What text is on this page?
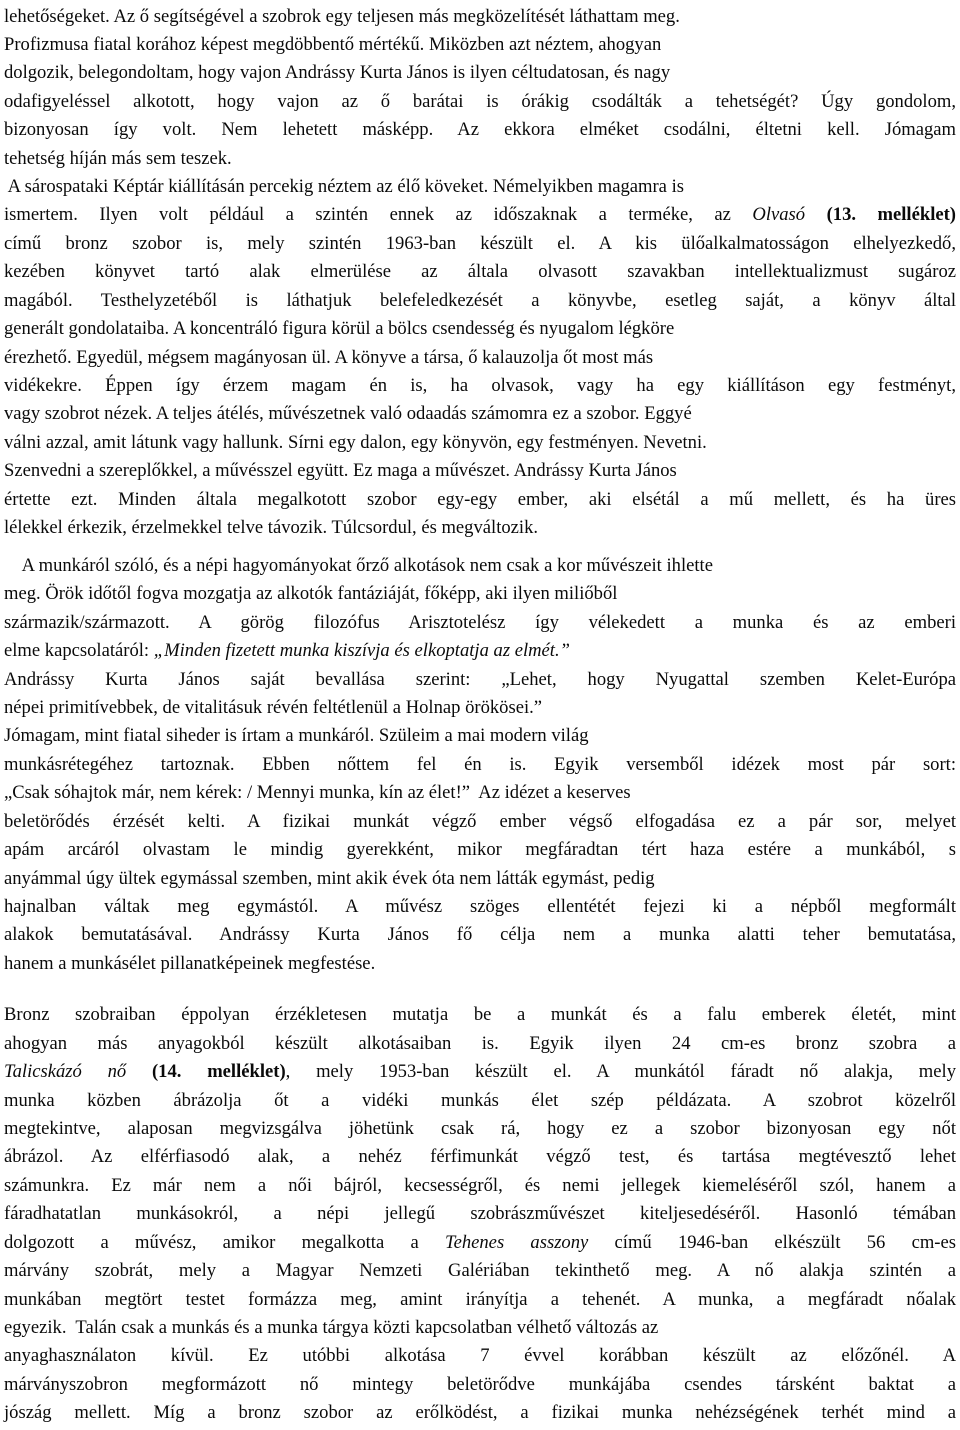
lehetőségeket. Az ő segítségével a szobrok egy teljesen más megközelítését láthattam meg.
Profizmusa fiatal korához képest megdöbbentő mértékű. Miközben azt néztem, ahogyan
dolgozik, belegondoltam, hogy vajon Andrássy Kurta János is ilyen céltudatosan, és nagy
odafigyeléssel alkotott, hogy vajon az ő barátai is órákig csodálták a tehetségét? Úgy gondolom,
bizonyosan így volt. Nem lehetett másképp. Az ekkora elméket csodálni, éltetni kell. Jómagam
tehetség híján más sem teszek.
A sárospataki Képtár kiállításán percekig néztem az élő köveket. Némelyikben magamra is
ismertem. Ilyen volt például a szintén ennek az időszaknak a terméke, az Olvasó (13. melléklet)
című bronz szobor is, mely szintén 1963-ban készült el. A kis ülőalkalmatosságon elhelyezkedő,
kezében könyvet tartó alak elmerülése az általa olvasott szavakban intellektualizmust sugároz
magából. Testhelyzetéből is láthatjuk belefeledkezését a könyvbe, esetleg saját, a könyv által
generált gondolataiba. A koncentráló figura körül a bölcs csendesség és nyugalom légköre
érezhető. Egyedül, mégsem magányosan ül. A könyve a társa, ő kalauzolja őt most más
vidékekre. Éppen így érzem magam én is, ha olvasok, vagy ha egy kiállításon egy festményt,
vagy szobrot nézek. A teljes átélés, művészetnek való odaadás számomra ez a szobor. Eggyé
válni azzal, amit látunk vagy hallunk. Sírni egy dalon, egy könyvön, egy festményen. Nevetni.
Szenvedni a szereplőkkel, a művésszel együtt. Ez maga a művészet. Andrássy Kurta János
értette ezt. Minden általa megalkotott szobor egy-egy ember, aki elsétál a mű mellett, és ha üres
lélekkel érkezik, érzelmekkel telve távozik. Túlcsordul, és megváltozik.
A munkáról szóló, és a népi hagyományokat őrző alkotások nem csak a kor művészeit ihlette
meg. Örök időtől fogva mozgatja az alkotók fantáziáját, főképp, aki ilyen miliőből
származik/származott. A görög filozófus Arisztotelész így vélekedett a munka és az emberi
elme kapcsolatáról: „Minden fizetett munka kiszívja és elkoptatja az elmét.”
Andrássy Kurta János saját bevallása szerint: „Lehet, hogy Nyugattal szemben Kelet-Európa
népei primitívebbek, de vitalitásuk révén feltétlenül a Holnap örökösei.”
Jómagam, mint fiatal siheder is írtam a munkáról. Szüleim a mai modern világ
munkásrétegéhez tartoznak. Ebben nőttem fel én is. Egyik versemből idézek most pár sort:
„Csak sóhajtok már, nem kérek: / Mennyi munka, kín az élet!”  Az idézet a keserves
beletörődés érzését kelti. A fizikai munkát végző ember végső elfogadása ez a pár sor, melyet
apám arcáról olvastam le mindig gyerekként, mikor megfáradtan tért haza estére a munkából, s
anyámmal úgy ültek egymással szemben, mint akik évek óta nem látták egymást, pedig
hajnalban váltak meg egymástól. A művész szöges ellentétét fejezi ki a népből megformált
alakok bemutatásával. Andrássy Kurta János fő célja nem a munka alatti teher bemutatása,
hanem a munkásélet pillanatképeinek megfestése.
Bronz szobraiban éppolyan érzékletesen mutatja be a munkát és a falu emberek életét, mint
ahogyan más anyagokból készült alkotásaiban is. Egyik ilyen 24 cm-es bronz szobra a
Talicskázó nő (14. melléklet), mely 1953-ban készült el. A munkától fáradt nő alakja, mely
munka közben ábrázolja őt a vidéki munkás élet szép példázata. A szobrot közelről
megtekintve, alaposan megvizsgálva jöhetünk csak rá, hogy ez a szobor bizonyosan egy nőt
ábrázol. Az elférfiasodó alak, a nehéz férfimunkát végző test, és tartása megtévesztő lehet
számunkra. Ez már nem a női bájról, kecsességről, és nemi jellegek kiemeléséről szól, hanem a
fáradhatatlan munkásokról, a népi jellegű szobrászművészet kiteljesedéséről. Hasonló témában
dolgozott a művész, amikor megalkotta a Tehenes asszony című 1946-ban elkészült 56 cm-es
márvány szobrát, mely a Magyar Nemzeti Galériában tekinthető meg. A nő alakja szintén a
munkában megtört testet formázza meg, amint irányítja a tehenét. A munka, a megfáradt nőalak
egyezik.  Talán csak a munkás és a munka tárgya közti kapcsolatban vélhető változás az
anyaghasználaton kívül. Ez utóbbi alkotása 7 évvel korábban készült az előzőnél. A
márványszobron megformázott nő mintegy beletörődve munkájába csendes társként baktat a
jószág mellett. Míg a bronz szobor az erőlködést, a fizikai munka nehézségének terhét mind a
